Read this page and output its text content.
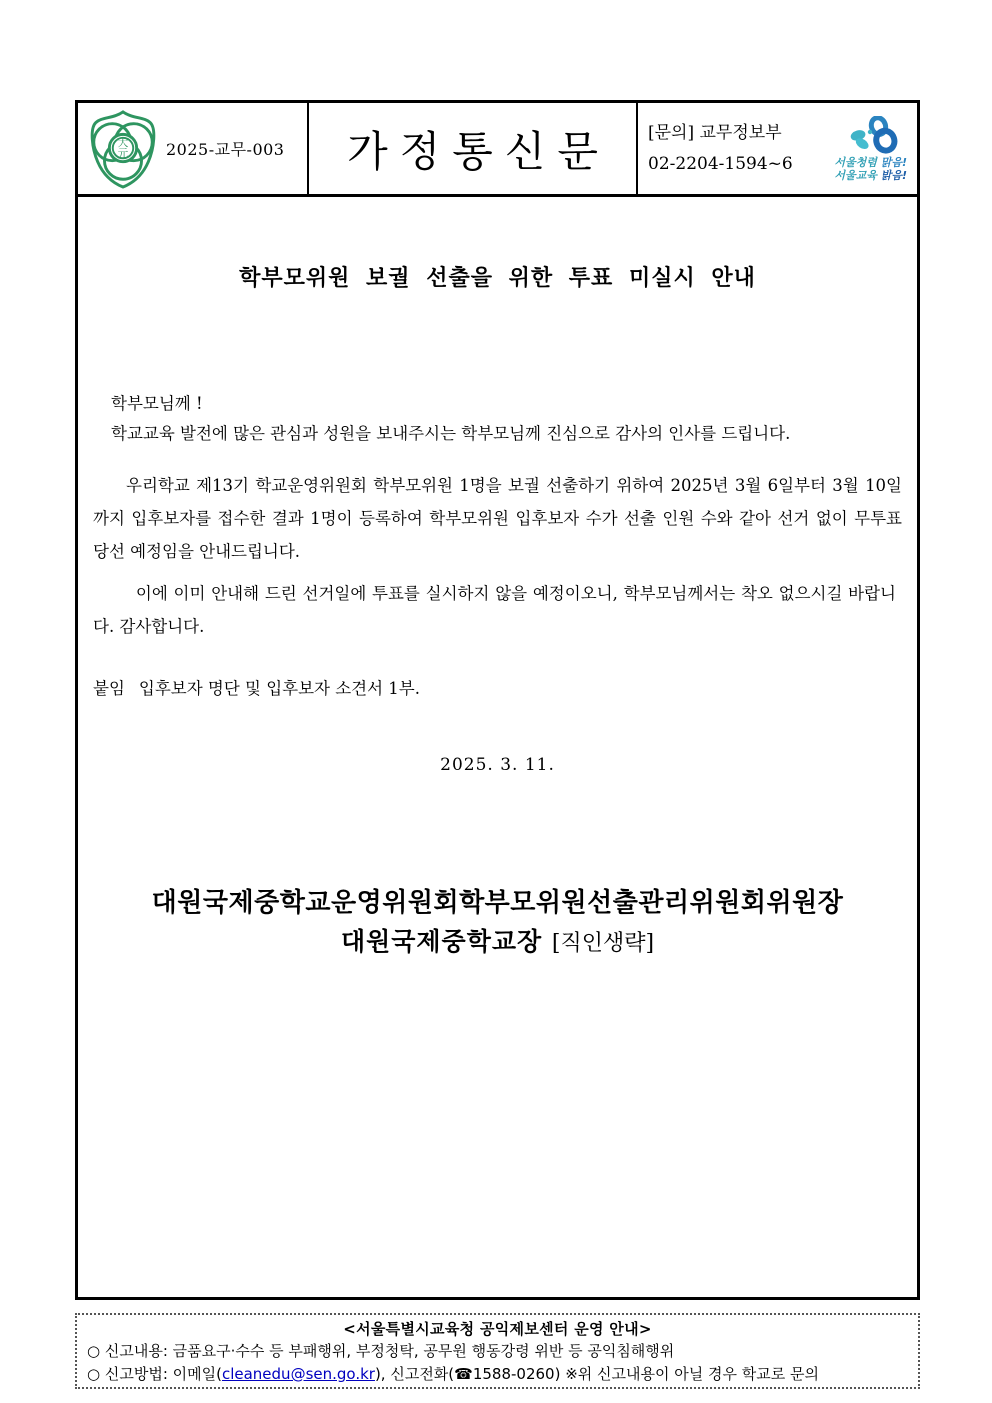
大
元 2025-교무-003 가정통신문 [문의] 교무정보부
02-2204-1594~6	서울청렴 맑음!
서울교육 밝음!
학부모위원 보궐 선출을 위한 투표 미실시 안내
학부모님께 !
학교교육 발전에 많은 관심과 성원을 보내주시는 학부모님께 진심으로 감사의 인사를 드립니다.
우리학교 제13기 학교운영위원회 학부모위원 1명을 보궐 선출하기 위하여 2025년 3월 6일부터 3월 10일까지 입후보자를 접수한 결과 1명이 등록하여 학부모위원 입후보자 수가 선출 인원 수와 같아 선거 없이 무투표 당선 예정임을 안내드립니다.
이에 이미 안내해 드린 선거일에 투표를 실시하지 않을 예정이오니, 학부모님께서는 착오 없으시길 바랍니다. 감사합니다.
붙임 입후보자 명단 및 입후보자 소견서 1부.
2025. 3. 11.
대원국제중학교운영위원회학부모위원선출관리위원회위원장
대원국제중학교장 [직인생략]
<서울특별시교육청 공익제보센터 운영 안내>
○ 신고내용: 금품요구·수수 등 부패행위, 부정청탁, 공무원 행동강령 위반 등 공익침해행위
○ 신고방법: 이메일(cleanedu@sen.go.kr), 신고전화(☎1588-0260) ※위 신고내용이 아닐 경우 학교로 문의
